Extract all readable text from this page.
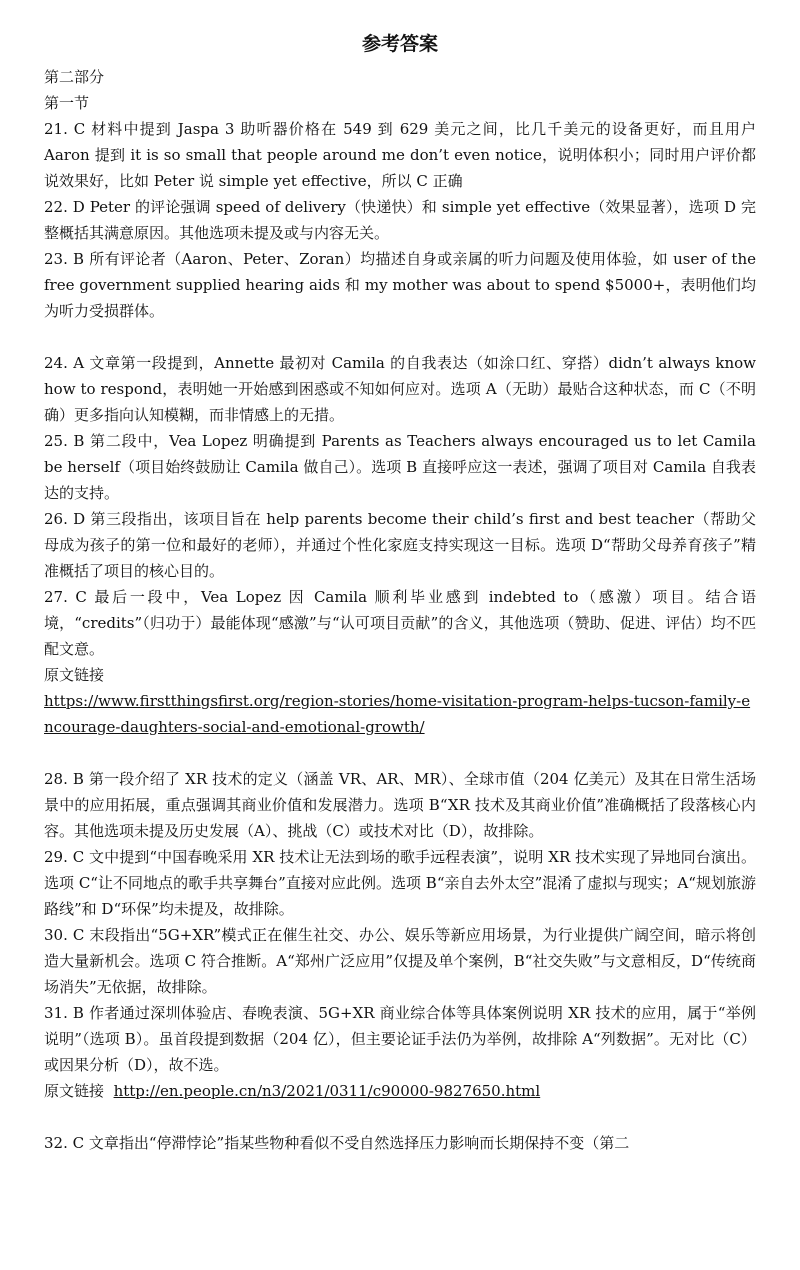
参考答案

第二部分

第一节

21. C 材料中提到 Jaspa 3 助听器价格在 549 到 629 美元之间，比几千美元的设备更好，而且用户 Aaron 提到 it is so small that people around me don’t even notice，说明体积小；同时用户评价都说效果好，比如 Peter 说 simple yet effective，所以 C 正确

22. D Peter 的评论强调 speed of delivery（快递快）和 simple yet effective（效果显著），选项 D 完整概括其满意原因。其他选项未提及或与内容无关。

23. B 所有评论者（Aaron、Peter、Zoran）均描述自身或亲属的听力问题及使用体验，如 user of the free government supplied hearing aids 和 my mother was about to spend $5000+，表明他们均为听力受损群体。

24. A 文章第一段提到，Annette 最初对 Camila 的自我表达（如涂口红、穿搭）didn’t always know how to respond，表明她一开始感到困惑或不知如何应对。选项 A（无助）最贴合这种状态，而 C（不明确）更多指向认知模糊，而非情感上的无措。

25. B 第二段中，Vea Lopez 明确提到 Parents as Teachers always encouraged us to let Camila be herself（项目始终鼓励让 Camila 做自己）。选项 B 直接呼应这一表述，强调了项目对 Camila 自我表达的支持。

26. D 第三段指出，该项目旨在 help parents become their child’s first and best teacher（帮助父母成为孩子的第一位和最好的老师），并通过个性化家庭支持实现这一目标。选项 D“帮助父母养育孩子”精准概括了项目的核心目的。

27. C 最后一段中，Vea Lopez 因 Camila 顺利毕业感到 indebted to（感激）项目。结合语境，“credits”（归功于）最能体现“感激”与“认可项目贡献”的含义，其他选项（赞助、促进、评估）均不匹配文意。

原文链接

https://www.firstthingsfirst.org/region-stories/home-visitation-program-helps-tucson-family-encourage-daughters-social-and-emotional-growth/

28. B 第一段介绍了 XR 技术的定义（涵盖 VR、AR、MR）、全球市值（204 亿美元）及其在日常生活场景中的应用拓展，重点强调其商业价值和发展潜力。选项 B“XR 技术及其商业价值”准确概括了段落核心内容。其他选项未提及历史发展（A）、挑战（C）或技术对比（D），故排除。

29. C 文中提到“中国春晚采用 XR 技术让无法到场的歌手远程表演”，说明 XR 技术实现了异地同台演出。选项 C“让不同地点的歌手共享舞台”直接对应此例。选项 B“亲自去外太空”混淆了虚拟与现实；A“规划旅游路线”和 D“环保”均未提及，故排除。

30. C 末段指出“5G+XR”模式正在催生社交、办公、娱乐等新应用场景，为行业提供广阔空间，暗示将创造大量新机会。选项 C 符合推断。A“郑州广泛应用”仅提及单个案例，B“社交失败”与文意相反，D“传统商场消失”无依据，故排除。

31. B 作者通过深圳体验店、春晚表演、5G+XR 商业综合体等具体案例说明 XR 技术的应用，属于“举例说明”（选项 B）。虽首段提到数据（204 亿），但主要论证手法仍为举例，故排除 A“列数据”。无对比（C）或因果分析（D），故不选。

原文链接 http://en.people.cn/n3/2021/0311/c90000-9827650.html

32. C 文章指出“停滞悖论”指某些物种看似不受自然选择压力影响而长期保持不变（第二
